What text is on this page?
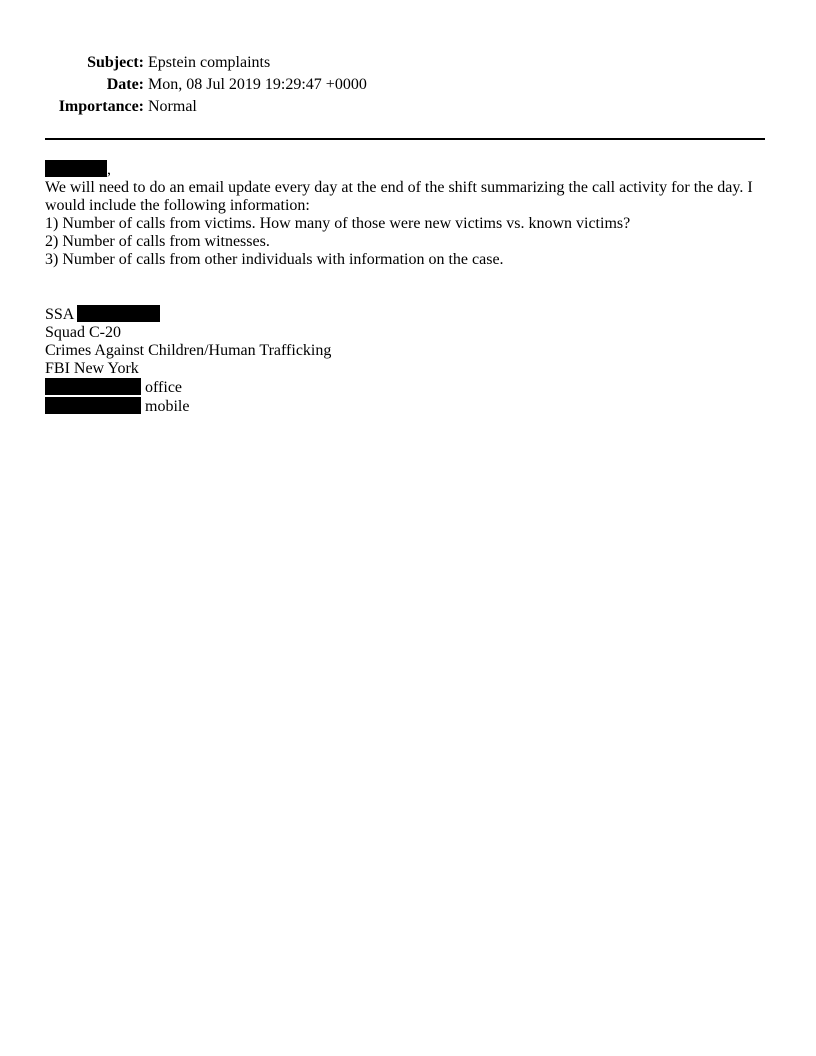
Subject: Epstein complaints
Date: Mon, 08 Jul 2019 19:29:47 +0000
Importance: Normal
,
We will need to do an email update every day at the end of the shift summarizing the call activity for the day. I would include the following information:
1) Number of calls from victims. How many of those were new victims vs. known victims?
2) Number of calls from witnesses.
3) Number of calls from other individuals with information on the case.
SSA
Squad C-20
Crimes Against Children/Human Trafficking
FBI New York
office
mobile
